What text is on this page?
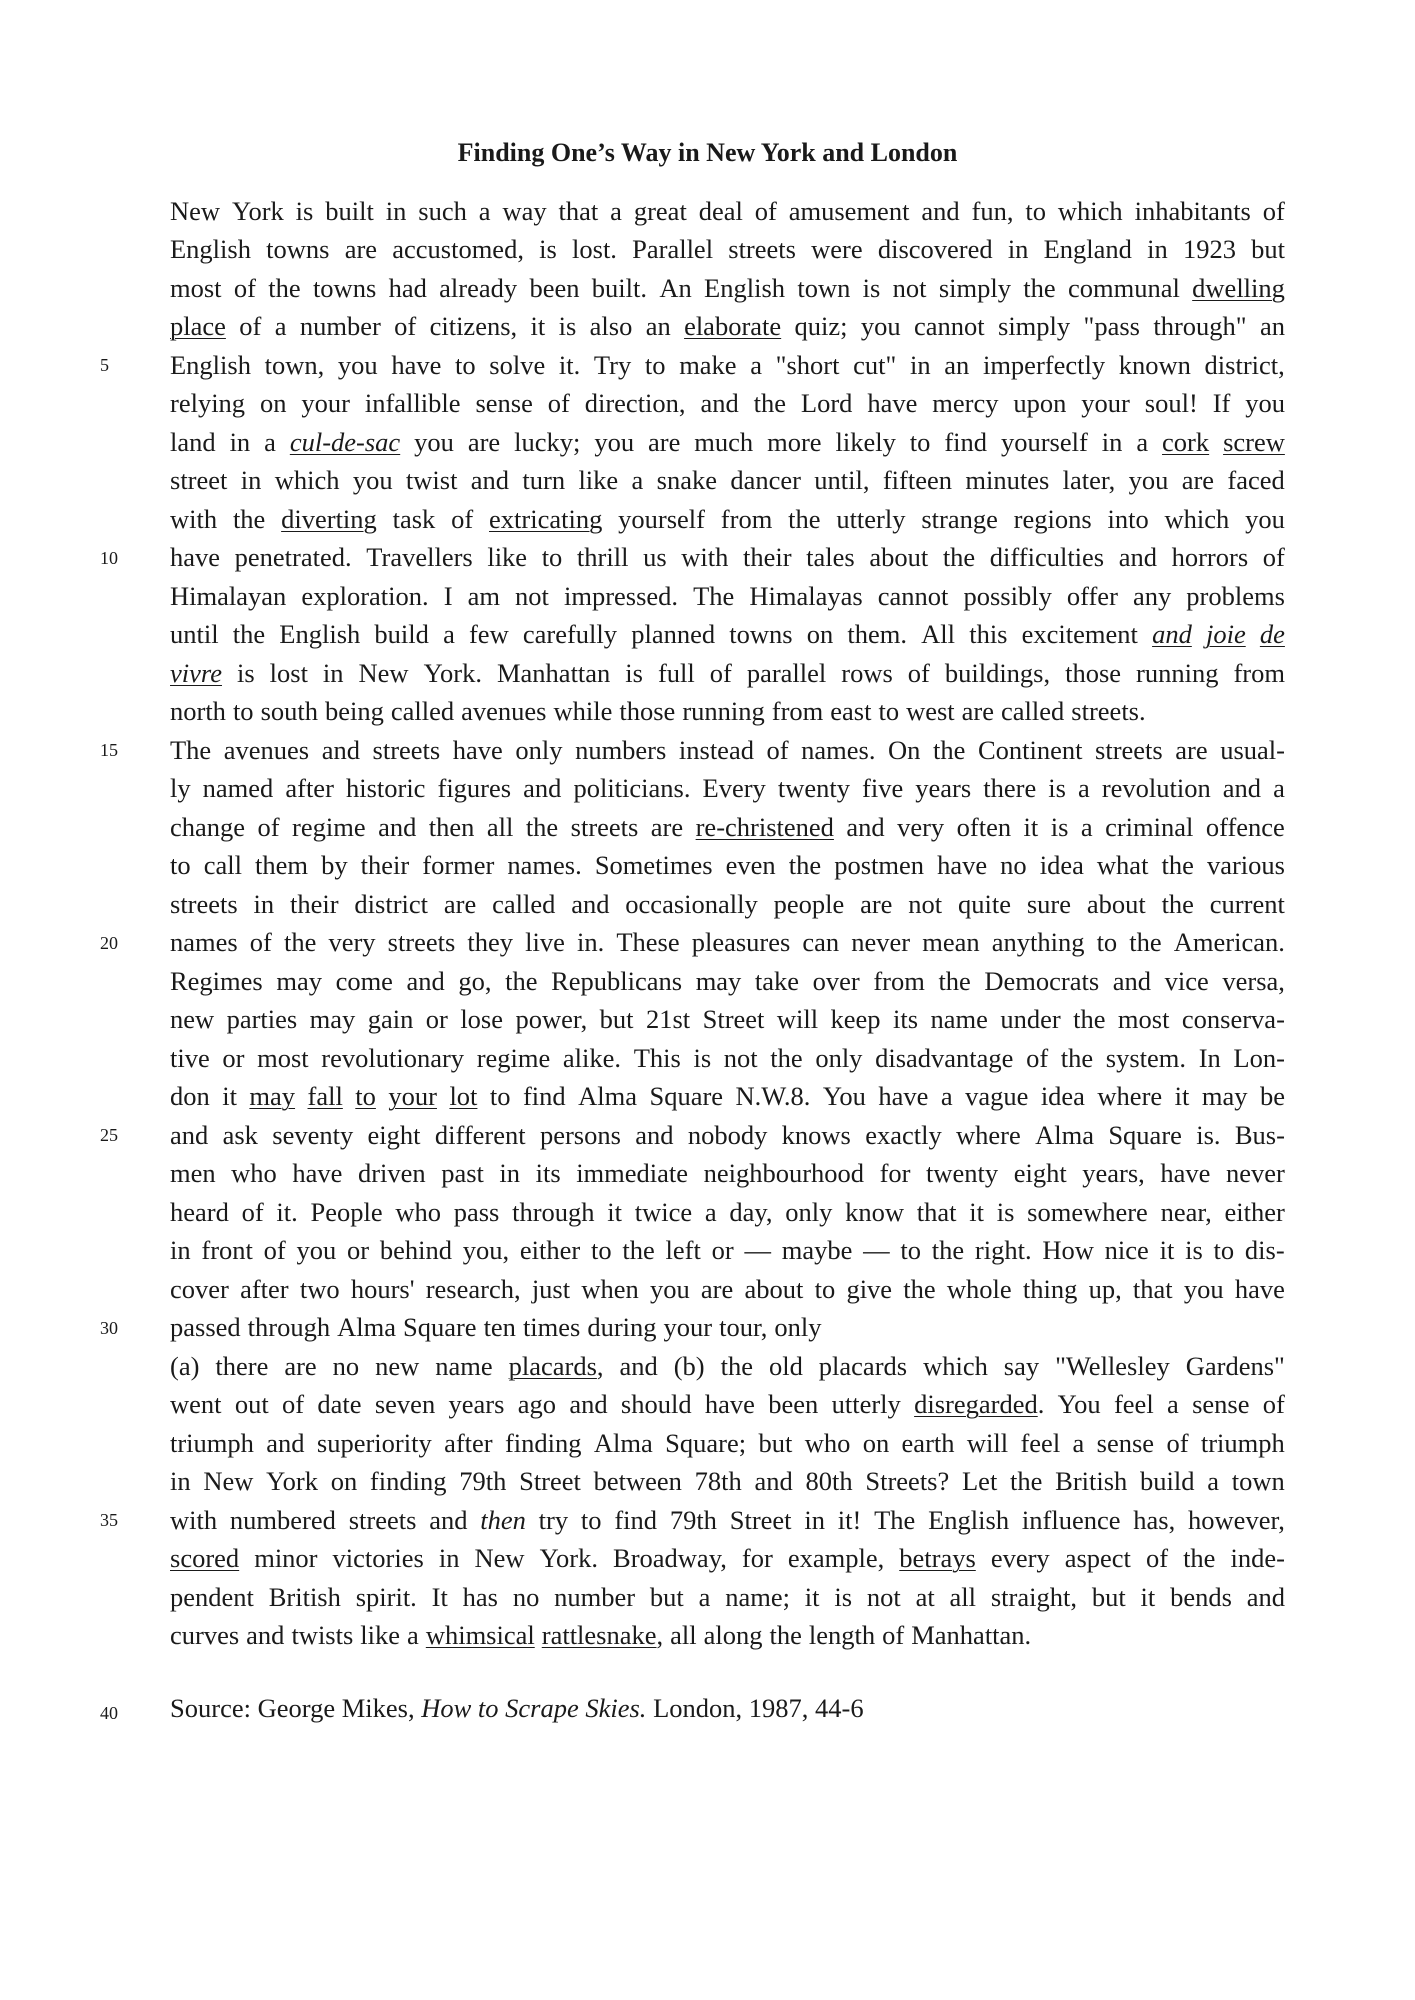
Finding One’s Way in New York and London
New York is built in such a way that a great deal of amusement and fun, to which inhabitants of
English towns are accustomed, is lost. Parallel streets were discovered in England in 1923 but
most of the towns had already been built. An English town is not simply the communal dwelling
place of a number of citizens, it is also an elaborate quiz; you cannot simply "pass through" an
English town, you have to solve it. Try to make a "short cut" in an imperfectly known district,
relying on your infallible sense of direction, and the Lord have mercy upon your soul! If you
land in a cul-de-sac you are lucky; you are much more likely to find yourself in a cork screw
street in which you twist and turn like a snake dancer until, fifteen minutes later, you are faced
with the diverting task of extricating yourself from the utterly strange regions into which you
have penetrated. Travellers like to thrill us with their tales about the difficulties and horrors of
Himalayan exploration. I am not impressed. The Himalayas cannot possibly offer any problems
until the English build a few carefully planned towns on them. All this excitement and joie de
vivre is lost in New York. Manhattan is full of parallel rows of buildings, those running from
north to south being called avenues while those running from east to west are called streets.
The avenues and streets have only numbers instead of names. On the Continent streets are usual-
ly named after historic figures and politicians. Every twenty five years there is a revolution and a
change of regime and then all the streets are re-christened and very often it is a criminal offence
to call them by their former names. Sometimes even the postmen have no idea what the various
streets in their district are called and occasionally people are not quite sure about the current
names of the very streets they live in. These pleasures can never mean anything to the American.
Regimes may come and go, the Republicans may take over from the Democrats and vice versa,
new parties may gain or lose power, but 21st Street will keep its name under the most conserva-
tive or most revolutionary regime alike. This is not the only disadvantage of the system. In Lon-
don it may fall to your lot to find Alma Square N.W.8. You have a vague idea where it may be
and ask seventy eight different persons and nobody knows exactly where Alma Square is. Bus-
men who have driven past in its immediate neighbourhood for twenty eight years, have never
heard of it. People who pass through it twice a day, only know that it is somewhere near, either
in front of you or behind you, either to the left or — maybe — to the right. How nice it is to dis-
cover after two hours' research, just when you are about to give the whole thing up, that you have
passed through Alma Square ten times during your tour, only
(a) there are no new name placards, and (b) the old placards which say "Wellesley Gardens"
went out of date seven years ago and should have been utterly disregarded. You feel a sense of
triumph and superiority after finding Alma Square; but who on earth will feel a sense of triumph
in New York on finding 79th Street between 78th and 80th Streets? Let the British build a town
with numbered streets and then try to find 79th Street in it! The English influence has, however,
scored minor victories in New York. Broadway, for example, betrays every aspect of the inde-
pendent British spirit. It has no number but a name; it is not at all straight, but it bends and
curves and twists like a whimsical rattlesnake, all along the length of Manhattan.
5
10
15
20
25
30
35
40	Source: George Mikes, How to Scrape Skies. London, 1987, 44-6
